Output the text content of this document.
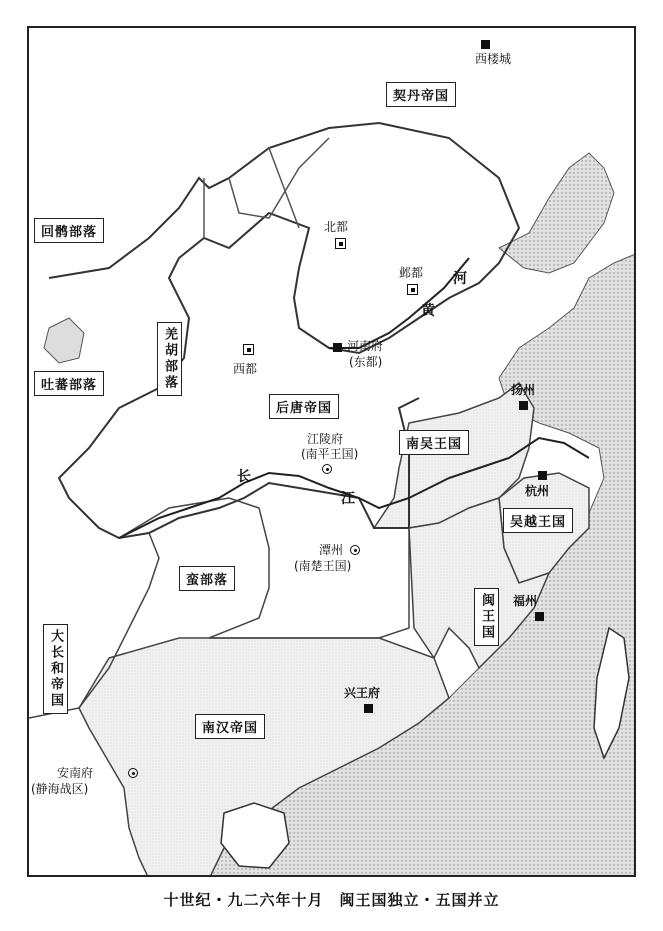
契丹帝国
回鹘部落
吐蕃部落	羌胡部落
后唐帝国
南吴王国
吴越王国
闽王国
蛮部落
大长和帝国
南汉帝国
西楼城
北都
邺都
河南府
(东都)
西都
江陵府
(南平王国)
潭州
(南楚王国)
扬州
杭州
福州
兴王府
安南府
(静海战区)
河
黄
长
江
十世纪・九二六年十月　闽王国独立・五国并立
